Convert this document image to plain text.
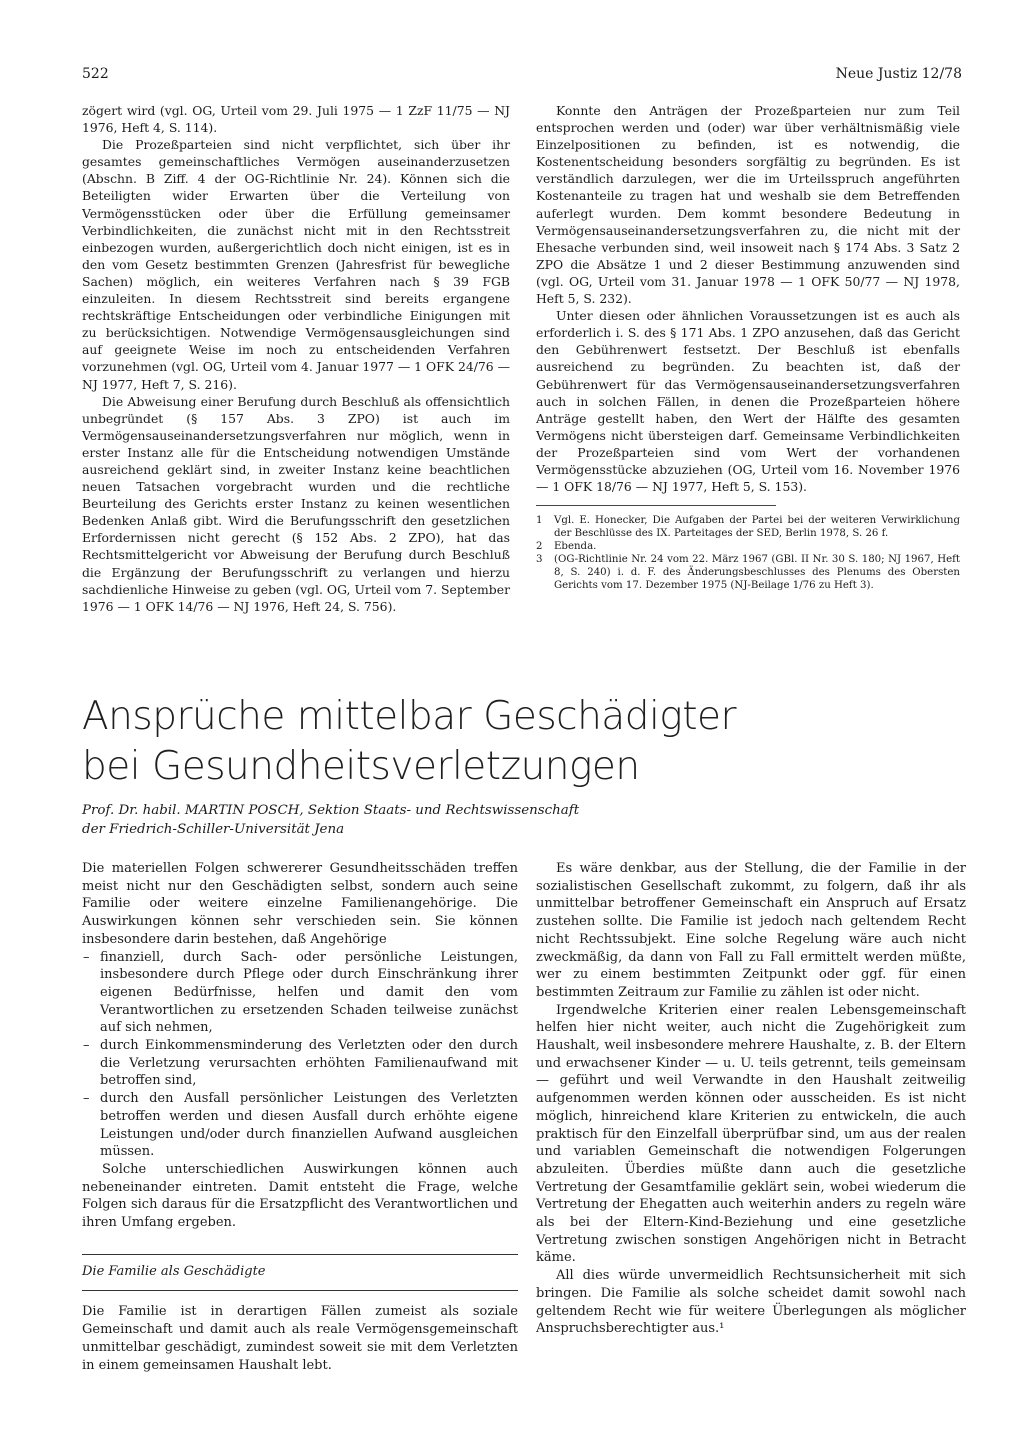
522	Neue Justiz 12/78

zögert wird (vgl. OG, Urteil vom 29. Juli 1975 — 1 ZzF 11/75 — NJ 1976, Heft 4, S. 114).

Die Prozeßparteien sind nicht verpflichtet, sich über ihr gesamtes gemeinschaftliches Vermögen auseinanderzusetzen (Abschn. B Ziff. 4 der OG-Richtlinie Nr. 24). Können sich die Beteiligten wider Erwarten über die Verteilung von Vermögensstücken oder über die Erfüllung gemeinsamer Verbindlichkeiten, die zunächst nicht mit in den Rechtsstreit einbezogen wurden, außergerichtlich doch nicht einigen, ist es in den vom Gesetz bestimmten Grenzen (Jahresfrist für bewegliche Sachen) möglich, ein weiteres Verfahren nach § 39 FGB einzuleiten. In diesem Rechtsstreit sind bereits ergangene rechtskräftige Entscheidungen oder verbindliche Einigungen mit zu berücksichtigen. Notwendige Vermögensausgleichungen sind auf geeignete Weise im noch zu entscheidenden Verfahren vorzunehmen (vgl. OG, Urteil vom 4. Januar 1977 — 1 OFK 24/76 — NJ 1977, Heft 7, S. 216).

Die Abweisung einer Berufung durch Beschluß als offensichtlich unbegründet (§ 157 Abs. 3 ZPO) ist auch im Vermögensauseinandersetzungsverfahren nur möglich, wenn in erster Instanz alle für die Entscheidung notwendigen Umstände ausreichend geklärt sind, in zweiter Instanz keine beachtlichen neuen Tatsachen vorgebracht wurden und die rechtliche Beurteilung des Gerichts erster Instanz zu keinen wesentlichen Bedenken Anlaß gibt. Wird die Berufungsschrift den gesetzlichen Erfordernissen nicht gerecht (§ 152 Abs. 2 ZPO), hat das Rechtsmittelgericht vor Abweisung der Berufung durch Beschluß die Ergänzung der Berufungsschrift zu verlangen und hierzu sachdienliche Hinweise zu geben (vgl. OG, Urteil vom 7. September 1976 — 1 OFK 14/76 — NJ 1976, Heft 24, S. 756).

Konnte den Anträgen der Prozeßparteien nur zum Teil entsprochen werden und (oder) war über verhältnismäßig viele Einzelpositionen zu befinden, ist es notwendig, die Kostenentscheidung besonders sorgfältig zu begründen. Es ist verständlich darzulegen, wer die im Urteilsspruch angeführten Kostenanteile zu tragen hat und weshalb sie dem Betreffenden auferlegt wurden. Dem kommt besondere Bedeutung in Vermögensauseinandersetzungsverfahren zu, die nicht mit der Ehesache verbunden sind, weil insoweit nach § 174 Abs. 3 Satz 2 ZPO die Absätze 1 und 2 dieser Bestimmung anzuwenden sind (vgl. OG, Urteil vom 31. Januar 1978 — 1 OFK 50/77 — NJ 1978, Heft 5, S. 232).

Unter diesen oder ähnlichen Voraussetzungen ist es auch als erforderlich i. S. des § 171 Abs. 1 ZPO anzusehen, daß das Gericht den Gebührenwert festsetzt. Der Beschluß ist ebenfalls ausreichend zu begründen. Zu beachten ist, daß der Gebührenwert für das Vermögensauseinandersetzungsverfahren auch in solchen Fällen, in denen die Prozeßparteien höhere Anträge gestellt haben, den Wert der Hälfte des gesamten Vermögens nicht übersteigen darf. Gemeinsame Verbindlichkeiten der Prozeßparteien sind vom Wert der vorhandenen Vermögensstücke abzuziehen (OG, Urteil vom 16. November 1976 — 1 OFK 18/76 — NJ 1977, Heft 5, S. 153).

1	Vgl. E. Honecker, Die Aufgaben der Partei bei der weiteren Verwirklichung der Beschlüsse des IX. Parteitages der SED, Berlin 1978, S. 26 f.
2	Ebenda.
3	(OG-Richtlinie Nr. 24 vom 22. März 1967 (GBl. II Nr. 30 S. 180; NJ 1967, Heft 8, S. 240) i. d. F. des Änderungsbeschlusses des Plenums des Obersten Gerichts vom 17. Dezember 1975 (NJ-Beilage 1/76 zu Heft 3).
Ansprüche mittelbar Geschädigter
bei Gesundheitsverletzungen
Prof. Dr. habil. MARTIN POSCH, Sektion Staats- und Rechtswissenschaft
der Friedrich-Schiller-Universität Jena

Die materiellen Folgen schwererer Gesundheitsschäden treffen meist nicht nur den Geschädigten selbst, sondern auch seine Familie oder weitere einzelne Familienangehörige. Die Auswirkungen können sehr verschieden sein. Sie können insbesondere darin bestehen, daß Angehörige

– finanziell, durch Sach- oder persönliche Leistungen, insbesondere durch Pflege oder durch Einschränkung ihrer eigenen Bedürfnisse, helfen und damit den vom Verantwortlichen zu ersetzenden Schaden teilweise zunächst auf sich nehmen,
– durch Einkommensminderung des Verletzten oder den durch die Verletzung verursachten erhöhten Familienaufwand mit betroffen sind,
– durch den Ausfall persönlicher Leistungen des Verletzten betroffen werden und diesen Ausfall durch erhöhte eigene Leistungen und/oder durch finanziellen Aufwand ausgleichen müssen.

Solche unterschiedlichen Auswirkungen können auch nebeneinander eintreten. Damit entsteht die Frage, welche Folgen sich daraus für die Ersatzpflicht des Verantwortlichen und ihren Umfang ergeben.

Die Familie als Geschädigte

Die Familie ist in derartigen Fällen zumeist als soziale Gemeinschaft und damit auch als reale Vermögensgemeinschaft unmittelbar geschädigt, zumindest soweit sie mit dem Verletzten in einem gemeinsamen Haushalt lebt.

Es wäre denkbar, aus der Stellung, die der Familie in der sozialistischen Gesellschaft zukommt, zu folgern, daß ihr als unmittelbar betroffener Gemeinschaft ein Anspruch auf Ersatz zustehen sollte. Die Familie ist jedoch nach geltendem Recht nicht Rechtssubjekt. Eine solche Regelung wäre auch nicht zweckmäßig, da dann von Fall zu Fall ermittelt werden müßte, wer zu einem bestimmten Zeitpunkt oder ggf. für einen bestimmten Zeitraum zur Familie zu zählen ist oder nicht.

Irgendwelche Kriterien einer realen Lebensgemeinschaft helfen hier nicht weiter, auch nicht die Zugehörigkeit zum Haushalt, weil insbesondere mehrere Haushalte, z. B. der Eltern und erwachsener Kinder — u. U. teils getrennt, teils gemeinsam — geführt und weil Verwandte in den Haushalt zeitweilig aufgenommen werden können oder ausscheiden. Es ist nicht möglich, hinreichend klare Kriterien zu entwickeln, die auch praktisch für den Einzelfall überprüfbar sind, um aus der realen und variablen Gemeinschaft die notwendigen Folgerungen abzuleiten. Überdies müßte dann auch die gesetzliche Vertretung der Gesamtfamilie geklärt sein, wobei wiederum die Vertretung der Ehegatten auch weiterhin anders zu regeln wäre als bei der Eltern-Kind-Beziehung und eine gesetzliche Vertretung zwischen sonstigen Angehörigen nicht in Betracht käme.

All dies würde unvermeidlich Rechtsunsicherheit mit sich bringen. Die Familie als solche scheidet damit sowohl nach geltendem Recht wie für weitere Überlegungen als möglicher Anspruchsberechtigter aus.¹
